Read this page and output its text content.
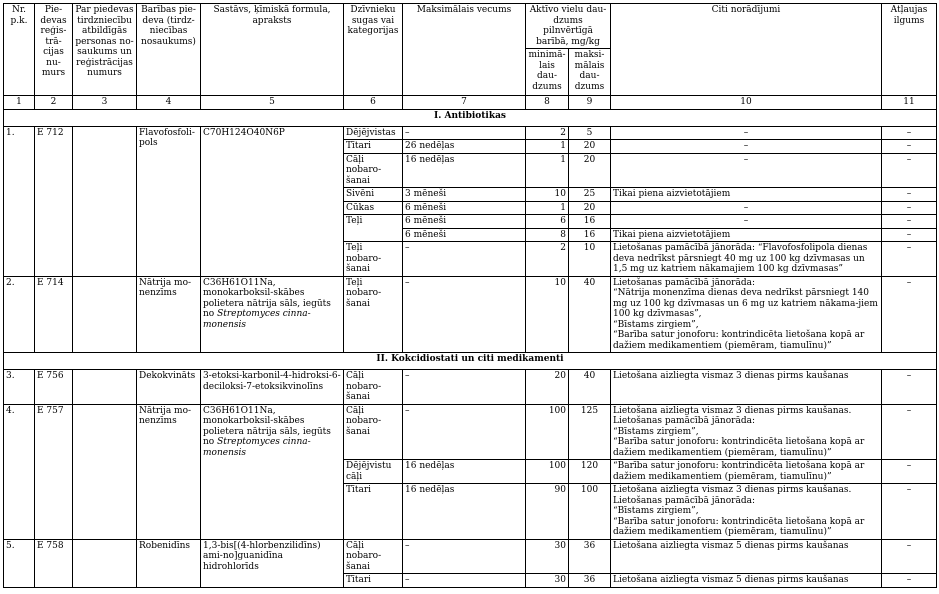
Nr. p.k.	Pie-devas reģis-trā-cijas nu-murs	Par piedevas tirdzniecību atbildīgās personas no-saukums un reģistrācijas numurs	Barības pie-deva (tirdz-niecības nosaukums)	Sastāvs, ķīmiskā formula, apraksts	Dzīvnieku sugas vai kategorijas	Maksimālais vecums	Aktīvo vielu dau-dzums pilnvērtīgā barībā, mg/kg		Citi norādījumi	Atļaujas ilgums
							minimā-lais dau-dzums	maksi-mālais dau-dzums		
1	2	3	4	5	6	7	8	9	10	11
I. Antibiotikas										
1.	E 712		Flavofosfoli-pols	C70H124O40N6P	Dējējvistas	–	2	5	–	–
					Tītari	26 nedēļas	1	20	–	–
					Cāļi nobaro-šanai	16 nedēļas	1	20	–	–
					Sivēni	3 mēneši	10	25	Tikai piena aizvietotājiem	–
					Cūkas	6 mēneši	1	20	–	–
					Teļi	6 mēneši	6	16	–	–
						6 mēneši	8	16	Tikai piena aizvietotājiem	–
					Teļi nobaro-šanai	–	2	10	Lietošanas pamācībā jānorāda: “Flavofosfolipola dienas deva nedrīkst pārsniegt 40 mg uz 100 kg dzīvmasas un 1,5 mg uz katriem nākamajiem 100 kg dzīvmasas”	–
2.	E 714		Nātrija mo-nenzīms	C36H61O11Na, monokarboksil-skābes polietera nātrija sāls, iegūts no Streptomyces cinna-monensis	Teļi nobaro-šanai	–	10	40	Lietošanas pamācībā jānorāda:
“Nātrija monenzīma dienas deva nedrīkst pārsniegt 140 mg uz 100 kg dzīvmasas un 6 mg uz katriem nākama-jiem 100 kg dzīvmasas”,
“Bīstams zirgiem”,
“Barība satur jonoforu: kontrindicēta lietošana kopā ar dažiem medikamentiem (piemēram, tiamulīnu)”	–
II. Kokcidiostati un citi medikamenti										
3.	E 756		Dekokvināts	3-etoksi-karbonil-4-hidroksi-6-deciloksi-7-etoksikvinolīns	Cāļi nobaro-šanai	–	20	40	Lietošana aizliegta vismaz 3 dienas pirms kaušanas	–
4.	E 757		Nātrija mo-nenzīms	C36H61O11Na, monokarboksil-skābes polietera nātrija sāls, iegūts no Streptomyces cinna-monensis	Cāļi nobaro-šanai	–	100	125	Lietošana aizliegta vismaz 3 dienas pirms kaušanas.
Lietošanas pamācībā jānorāda:
“Bīstams zirgiem”,
“Barība satur jonoforu: kontrindicēta lietošana kopā ar dažiem medikamentiem (piemēram, tiamulīnu)”	–
					Dējējvistu cāļi	16 nedēļas	100	120	“Barība satur jonoforu: kontrindicēta lietošana kopā ar dažiem medikamentiem (piemēram, tiamulīnu)”	–
					Tītari	16 nedēļas	90	100	Lietošana aizliegta vismaz 3 dienas pirms kaušanas.
Lietošanas pamācībā jānorāda:
“Bīstams zirgiem”,
“Barība satur jonoforu: kontrindicēta lietošana kopā ar dažiem medikamentiem (piemēram, tiamulīnu)”	–
5.	E 758		Robenidīns	1,3-bis[(4-hlorbenzilidīns) ami-no]guanidīna hidrohlorīds	Cāļi nobaro-šanai	–	30	36	Lietošana aizliegta vismaz 5 dienas pirms kaušanas	–
					Tītari	–	30	36	Lietošana aizliegta vismaz 5 dienas pirms kaušanas	–
